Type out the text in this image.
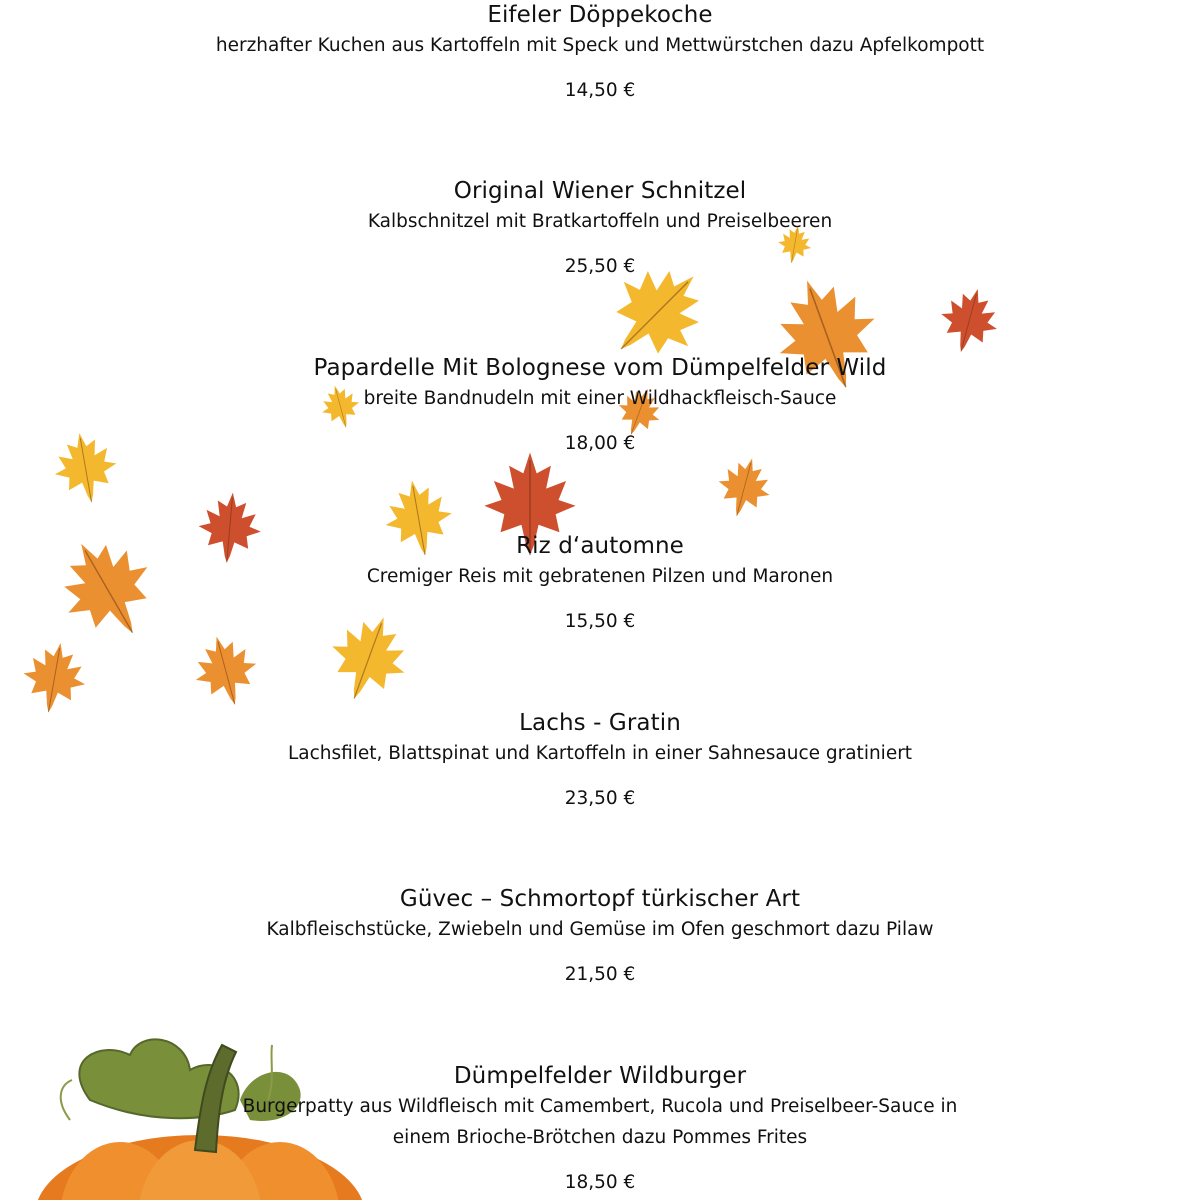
Eifeler Döppekoche
herzhafter Kuchen aus Kartoffeln mit Speck und Mettwürstchen dazu Apfelkompott
14,50 €
Original Wiener Schnitzel
Kalbschnitzel mit Bratkartoffeln und Preiselbeeren
25,50 €
Papardelle Mit Bolognese vom Dümpelfelder Wild
breite Bandnudeln mit einer Wildhackfleisch-Sauce
18,00 €
Riz d‘automne
Cremiger Reis mit gebratenen Pilzen und Maronen
15,50 €
Lachs - Gratin
Lachsfilet, Blattspinat und Kartoffeln in einer Sahnesauce gratiniert
23,50 €
Güvec – Schmortopf türkischer Art
Kalbfleischstücke, Zwiebeln und Gemüse im Ofen geschmort dazu Pilaw
21,50 €
Dümpelfelder Wildburger
Burgerpatty aus Wildfleisch mit Camembert, Rucola und Preiselbeer-Sauce in
einem Brioche-Brötchen dazu Pommes Frites
18,50 €
